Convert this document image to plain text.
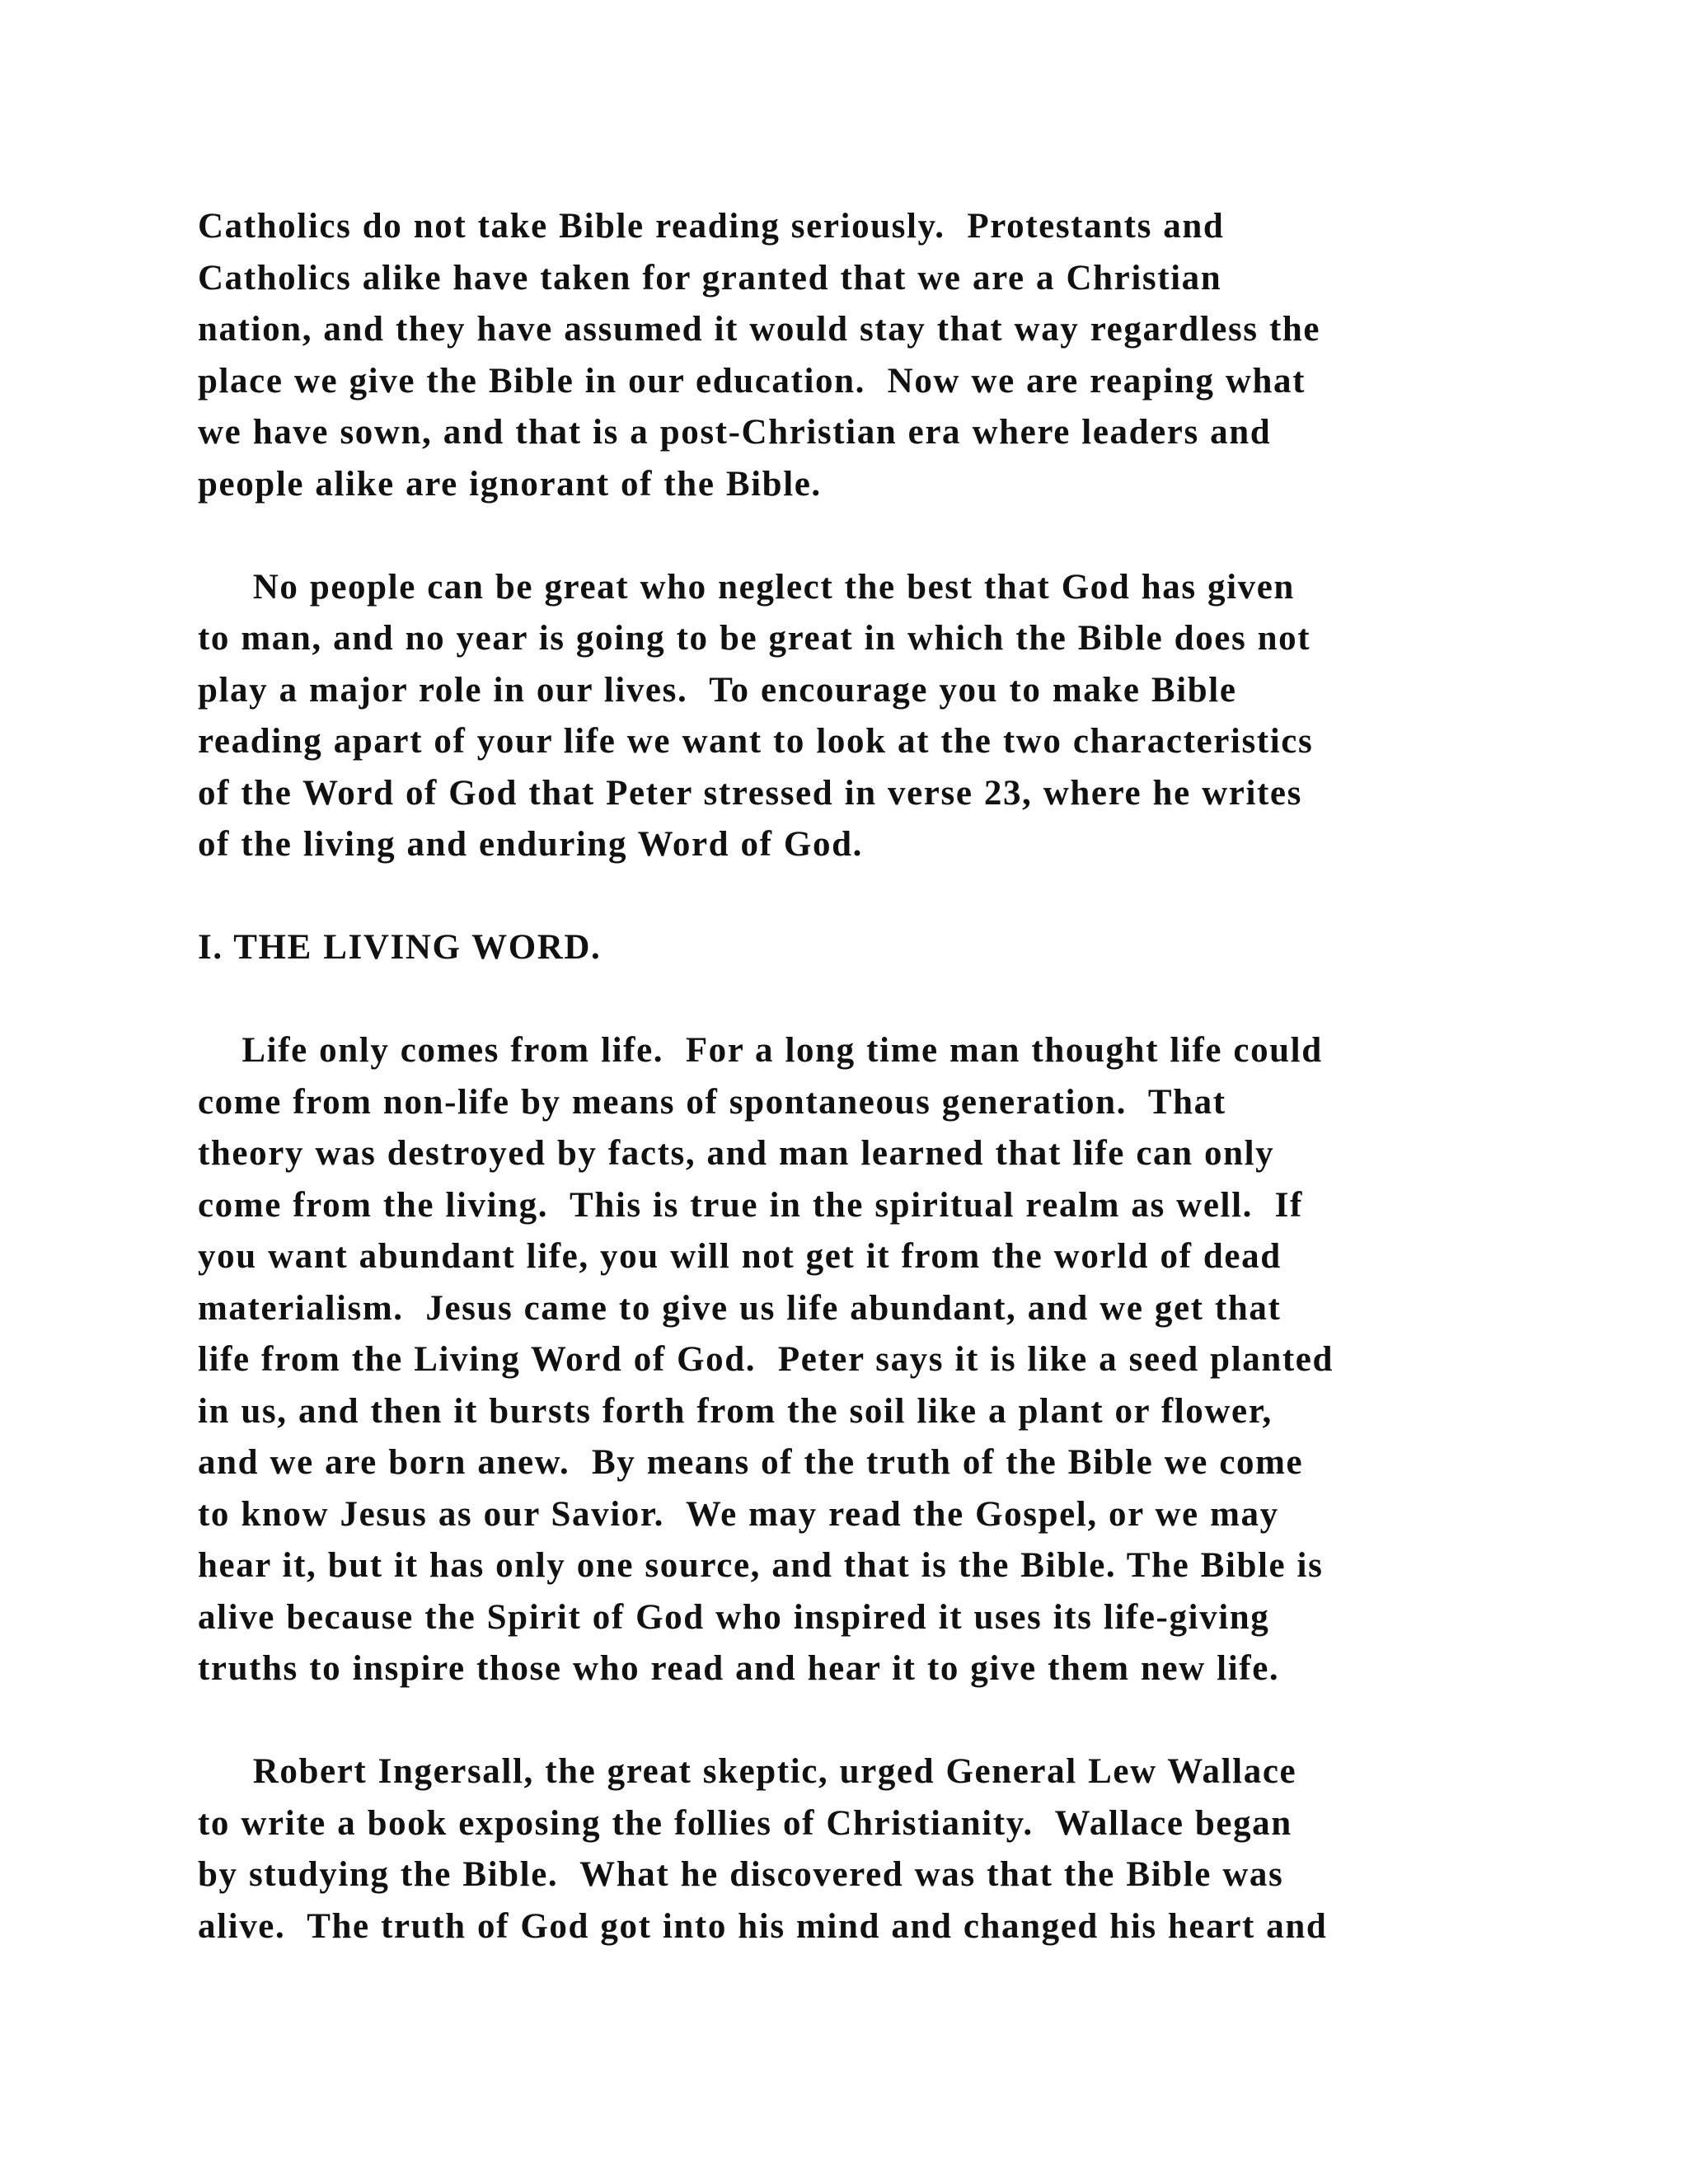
Catholics do not take Bible reading seriously.  Protestants and
Catholics alike have taken for granted that we are a Christian
nation, and they have assumed it would stay that way regardless the
place we give the Bible in our education.  Now we are reaping what
we have sown, and that is a post-Christian era where leaders and
people alike are ignorant of the Bible.
No people can be great who neglect the best that God has given
to man, and no year is going to be great in which the Bible does not
play a major role in our lives.  To encourage you to make Bible
reading apart of your life we want to look at the two characteristics
of the Word of God that Peter stressed in verse 23, where he writes
of the living and enduring Word of God.
I. THE LIVING WORD.
Life only comes from life.  For a long time man thought life could
come from non-life by means of spontaneous generation.  That
theory was destroyed by facts, and man learned that life can only
come from the living.  This is true in the spiritual realm as well.  If
you want abundant life, you will not get it from the world of dead
materialism.  Jesus came to give us life abundant, and we get that
life from the Living Word of God.  Peter says it is like a seed planted
in us, and then it bursts forth from the soil like a plant or flower,
and we are born anew.  By means of the truth of the Bible we come
to know Jesus as our Savior.  We may read the Gospel, or we may
hear it, but it has only one source, and that is the Bible. The Bible is
alive because the Spirit of God who inspired it uses its life-giving
truths to inspire those who read and hear it to give them new life.
Robert Ingersall, the great skeptic, urged General Lew Wallace
to write a book exposing the follies of Christianity.  Wallace began
by studying the Bible.  What he discovered was that the Bible was
alive.  The truth of God got into his mind and changed his heart and
